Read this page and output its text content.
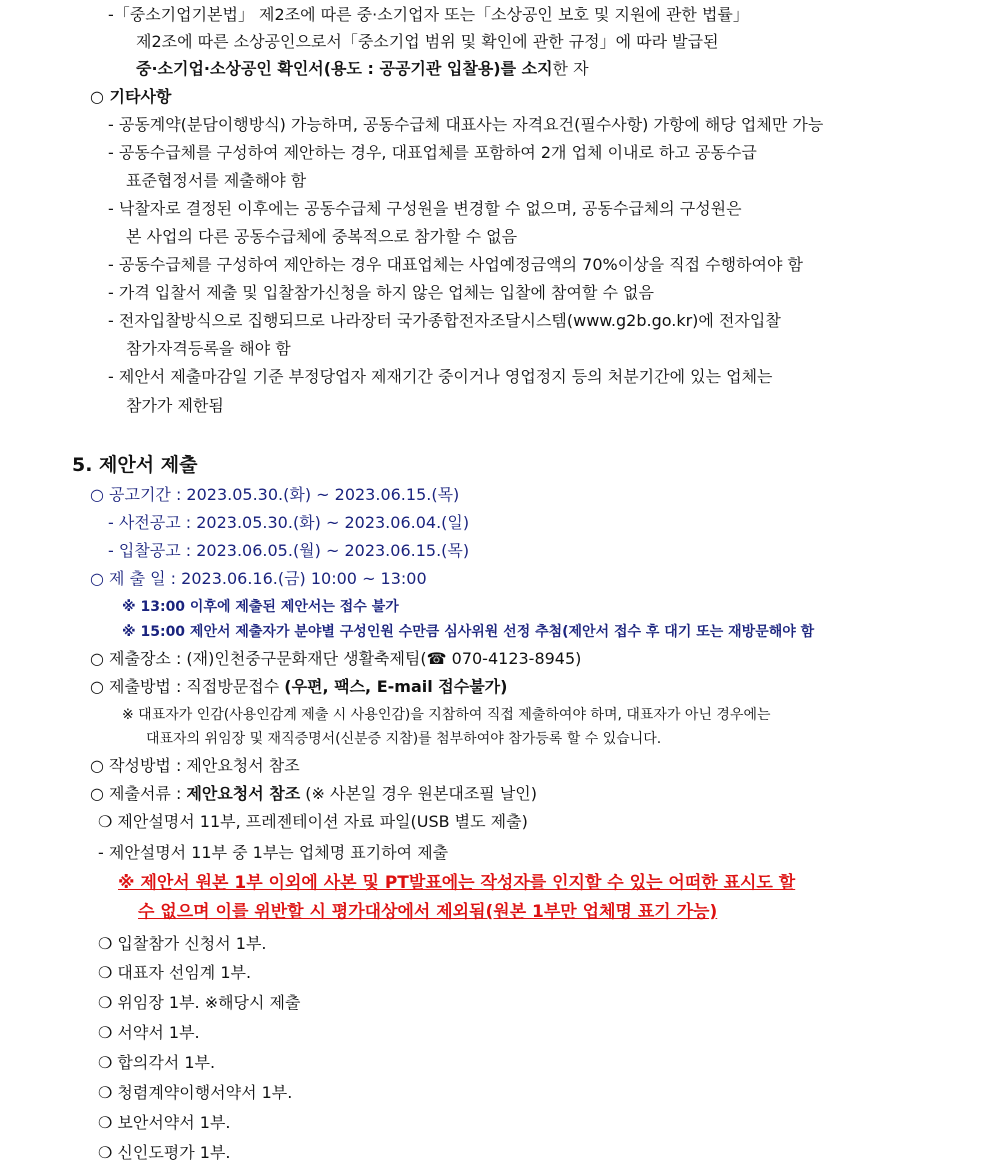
-「중소기업기본법」 제2조에 따른 중·소기업자 또는「소상공인 보호 및 지원에 관한 법률」
제2조에 따른 소상공인으로서「중소기업 범위 및 확인에 관한 규정」에 따라 발급된
중·소기업·소상공인 확인서(용도 : 공공기관 입찰용)를 소지한 자
○ 기타사항
- 공동계약(분담이행방식) 가능하며, 공동수급체 대표사는 자격요건(필수사항) 가항에 해당 업체만 가능
- 공동수급체를 구성하여 제안하는 경우, 대표업체를 포함하여 2개 업체 이내로 하고 공동수급
표준협정서를 제출해야 함
- 낙찰자로 결정된 이후에는 공동수급체 구성원을 변경할 수 없으며, 공동수급체의 구성원은
본 사업의 다른 공동수급체에 중복적으로 참가할 수 없음
- 공동수급체를 구성하여 제안하는 경우 대표업체는 사업예정금액의 70%이상을 직접 수행하여야 함
- 가격 입찰서 제출 및 입찰참가신청을 하지 않은 업체는 입찰에 참여할 수 없음
- 전자입찰방식으로 집행되므로 나라장터 국가종합전자조달시스템(www.g2b.go.kr)에 전자입찰
참가자격등록을 해야 함
- 제안서 제출마감일 기준 부정당업자 제재기간 중이거나 영업정지 등의 처분기간에 있는 업체는
참가가 제한됨
5. 제안서 제출
○ 공고기간 : 2023.05.30.(화) ~ 2023.06.15.(목)
- 사전공고 : 2023.05.30.(화) ~ 2023.06.04.(일)
- 입찰공고 : 2023.06.05.(월) ~ 2023.06.15.(목)
○ 제 출 일 : 2023.06.16.(금) 10:00 ~ 13:00
※ 13:00 이후에 제출된 제안서는 접수 불가
※ 15:00 제안서 제출자가 분야별 구성인원 수만큼 심사위원 선정 추첨(제안서 접수 후 대기 또는 재방문해야 함
○ 제출장소 : (재)인천중구문화재단 생활축제팀(☎ 070-4123-8945)
○ 제출방법 : 직접방문접수 (우편, 팩스, E-mail 접수불가)
※ 대표자가 인감(사용인감계 제출 시 사용인감)을 지참하여 직접 제출하여야 하며, 대표자가 아닌 경우에는
대표자의 위임장 및 재직증명서(신분증 지참)를 첨부하여야 참가등록 할 수 있습니다.
○ 작성방법 : 제안요청서 참조
○ 제출서류 : 제안요청서 참조 (※ 사본일 경우 원본대조필 날인)
❍ 제안설명서 11부, 프레젠테이션 자료 파일(USB 별도 제출)
- 제안설명서 11부 중 1부는 업체명 표기하여 제출
※ 제안서 원본 1부 이외에 사본 및 PT발표에는 작성자를 인지할 수 있는 어떠한 표시도 할
수 없으며 이를 위반할 시 평가대상에서 제외됨(원본 1부만 업체명 표기 가능)
❍ 입찰참가 신청서 1부.
❍ 대표자 선임계 1부.
❍ 위임장 1부. ※해당시 제출
❍ 서약서 1부.
❍ 합의각서 1부.
❍ 청렴계약이행서약서 1부.
❍ 보안서약서 1부.
❍ 신인도평가 1부.
